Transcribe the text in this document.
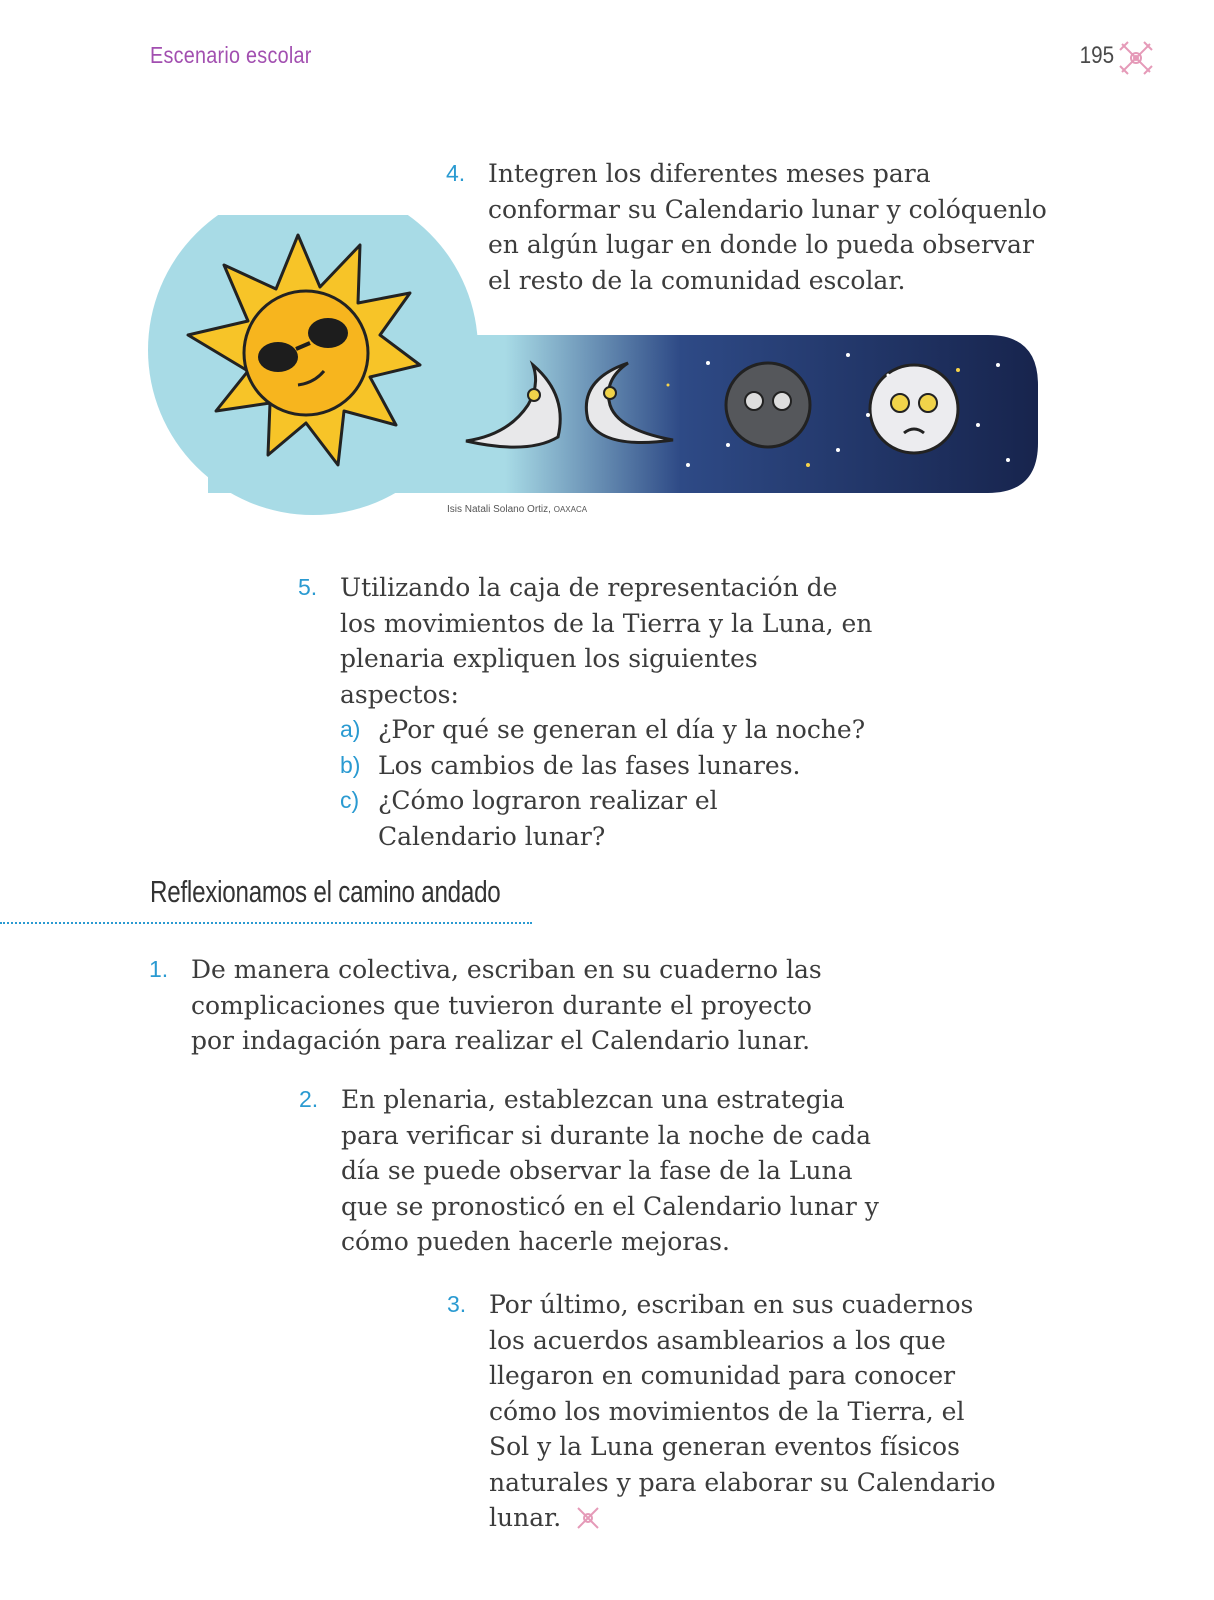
Escenario escolar	195
4. Integren los diferentes meses para conformar su Calendario lunar y colóquenlo en algún lugar en donde lo pueda observar el resto de la comunidad escolar.
Isis Natali Solano Ortiz, OAXACA
5. Utilizando la caja de representación de los movimientos de la Tierra y la Luna, en plenaria expliquen los siguientes aspectos:
a) ¿Por qué se generan el día y la noche?
b) Los cambios de las fases lunares.
c) ¿Cómo lograron realizar el Calendario lunar?
Reflexionamos el camino andado
1. De manera colectiva, escriban en su cuaderno las complicaciones que tuvieron durante el proyecto por indagación para realizar el Calendario lunar.
2. En plenaria, establezcan una estrategia para verificar si durante la noche de cada día se puede observar la fase de la Luna que se pronosticó en el Calendario lunar y cómo pueden hacerle mejoras.
3. Por último, escriban en sus cuadernos los acuerdos asamblearios a los que llegaron en comunidad para conocer cómo los movimientos de la Tierra, el Sol y la Luna generan eventos físicos naturales y para elaborar su Calendario lunar.
